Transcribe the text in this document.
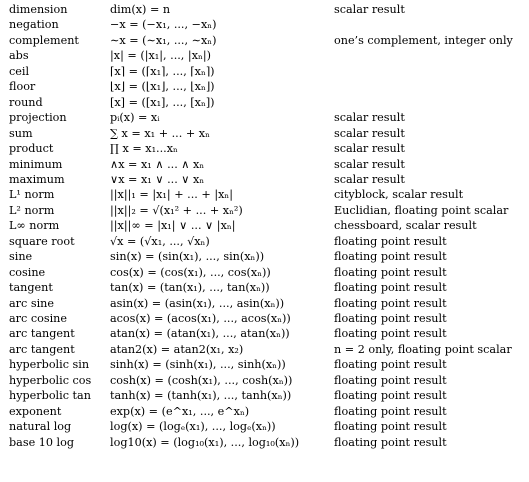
dimension	dim(x) = n	scalar result
negation	−x = (−x₁, ..., −xₙ)
complement	∼x = (∼x₁, ..., ∼xₙ)	one’s complement, integer only
abs	|x| = (|x₁|, ..., |xₙ|)
ceil	⌈x⌉ = (⌈x₁⌉, ..., ⌈xₙ⌉)
floor	⌊x⌋ = (⌊x₁⌋, ..., ⌊xₙ⌋)
round	[x] = ([x₁], ..., [xₙ])
projection	pᵢ(x) = xᵢ	scalar result
sum	∑ x = x₁ + ... + xₙ	scalar result
product	∏ x = x₁...xₙ	scalar result
minimum	∧x = x₁ ∧ ... ∧ xₙ	scalar result
maximum	∨x = x₁ ∨ ... ∨ xₙ	scalar result
L¹ norm	||x||₁ = |x₁| + ... + |xₙ|	cityblock, scalar result
L² norm	||x||₂ = √(x₁² + ... + xₙ²)	Euclidian, floating point scalar
L∞ norm	||x||∞ = |x₁| ∨ ... ∨ |xₙ|	chessboard, scalar result
square root	√x = (√x₁, ..., √xₙ)	floating point result
sine	sin(x) = (sin(x₁), ..., sin(xₙ))	floating point result
cosine	cos(x) = (cos(x₁), ..., cos(xₙ))	floating point result
tangent	tan(x) = (tan(x₁), ..., tan(xₙ))	floating point result
arc sine	asin(x) = (asin(x₁), ..., asin(xₙ))	floating point result
arc cosine	acos(x) = (acos(x₁), ..., acos(xₙ))	floating point result
arc tangent	atan(x) = (atan(x₁), ..., atan(xₙ))	floating point result
arc tangent	atan2(x) = atan2(x₁, x₂)	n = 2 only, floating point scalar
hyperbolic sin	sinh(x) = (sinh(x₁), ..., sinh(xₙ))	floating point result
hyperbolic cos	cosh(x) = (cosh(x₁), ..., cosh(xₙ))	floating point result
hyperbolic tan	tanh(x) = (tanh(x₁), ..., tanh(xₙ))	floating point result
exponent	exp(x) = (e^x₁, ..., e^xₙ)	floating point result
natural log	log(x) = (logₑ(x₁), ..., logₑ(xₙ))	floating point result
base 10 log	log10(x) = (log₁₀(x₁), ..., log₁₀(xₙ))	floating point result
